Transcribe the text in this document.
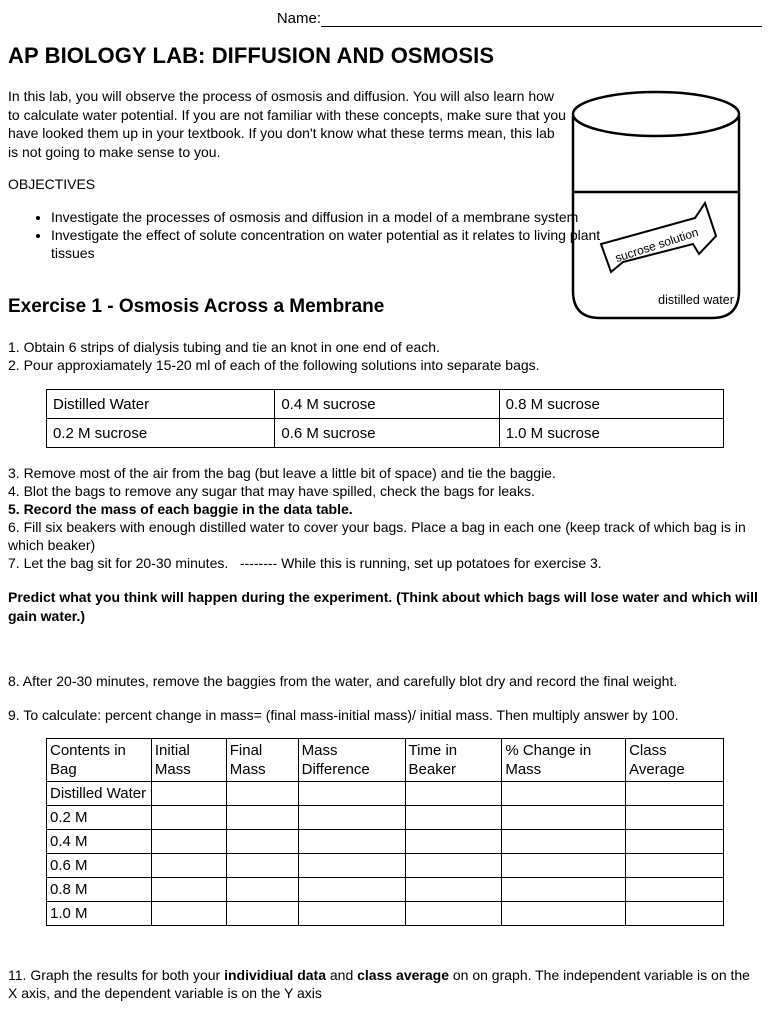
Name:
AP BIOLOGY LAB: DIFFUSION AND OSMOSIS
In this lab, you will observe the process of osmosis and diffusion. You will also learn how to calculate water potential. If you are not familiar with these concepts, make sure that you have looked them up in your textbook. If you don't know what these terms mean, this lab is not going to make sense to you.
OBJECTIVES
• Investigate the processes of osmosis and diffusion in a model of a membrane system
• Investigate the effect of solute concentration on water potential as it relates to living plant tissues	sucrose solution
distilled water
Exercise 1 - Osmosis Across a Membrane
1. Obtain 6 strips of dialysis tubing and tie an knot in one end of each.
2. Pour approxiamately 15-20 ml of each of the following solutions into separate bags.
Distilled Water	0.4 M sucrose	0.8 M sucrose
0.2 M sucrose	0.6 M sucrose	1.0 M sucrose
3. Remove most of the air from the bag (but leave a little bit of space) and tie the baggie.
4. Blot the bags to remove any sugar that may have spilled, check the bags for leaks.
5. Record the mass of each baggie in the data table.
6. Fill six beakers with enough distilled water to cover your bags. Place a bag in each one (keep track of which bag is in which beaker)
7. Let the bag sit for 20-30 minutes.   -------- While this is running, set up potatoes for exercise 3.
Predict what you think will happen during the experiment. (Think about which bags will lose water and which will gain water.)
8. After 20-30 minutes, remove the baggies from the water, and carefully blot dry and record the final weight.
9. To calculate: percent change in mass= (final mass-initial mass)/ initial mass. Then multiply answer by 100.
Contents in Bag	Initial Mass	Final Mass	Mass Difference	Time in Beaker	% Change in Mass	Class Average
Distilled Water						
0.2 M						
0.4 M						
0.6 M						
0.8 M						
1.0 M						
11. Graph the results for both your individiual data and class average on on graph. The independent variable is on the X axis, and the dependent variable is on the Y axis
